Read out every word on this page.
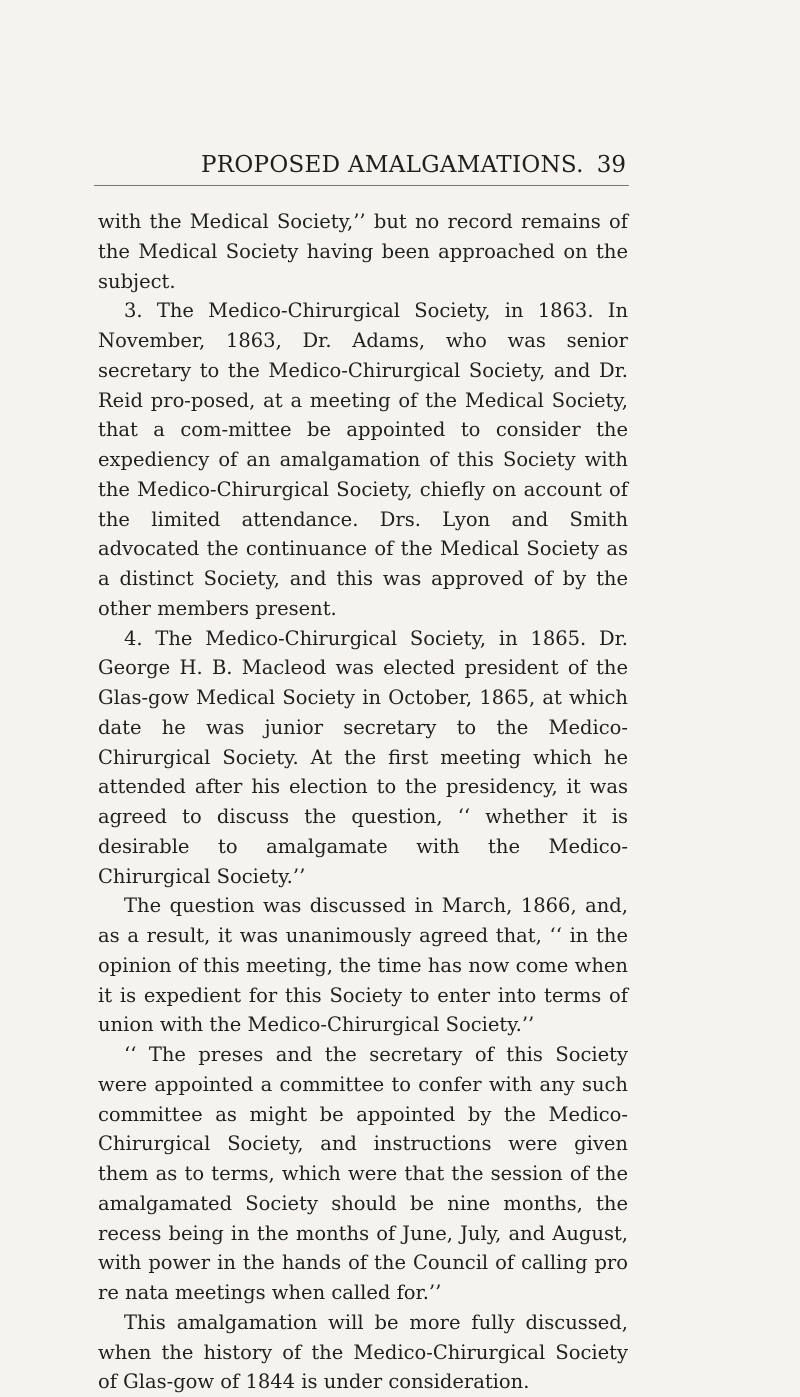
PROPOSED AMALGAMATIONS. 39

with the Medical Society,’’ but no record remains of the Medical Society having been approached on the subject.

3. The Medico-Chirurgical Society, in 1863. In November, 1863, Dr. Adams, who was senior secretary to the Medico-Chirurgical Society, and Dr. Reid pro-posed, at a meeting of the Medical Society, that a com-mittee be appointed to consider the expediency of an amalgamation of this Society with the Medico-Chirurgical Society, chiefly on account of the limited attendance. Drs. Lyon and Smith advocated the continuance of the Medical Society as a distinct Society, and this was approved of by the other members present.

4. The Medico-Chirurgical Society, in 1865. Dr. George H. B. Macleod was elected president of the Glas-gow Medical Society in October, 1865, at which date he was junior secretary to the Medico-Chirurgical Society. At the first meeting which he attended after his election to the presidency, it was agreed to discuss the question, ‘‘ whether it is desirable to amalgamate with the Medico-Chirurgical Society.’’

The question was discussed in March, 1866, and, as a result, it was unanimously agreed that, ‘‘ in the opinion of this meeting, the time has now come when it is expedient for this Society to enter into terms of union with the Medico-Chirurgical Society.’’

‘‘ The preses and the secretary of this Society were appointed a committee to confer with any such committee as might be appointed by the Medico-Chirurgical Society, and instructions were given them as to terms, which were that the session of the amalgamated Society should be nine months, the recess being in the months of June, July, and August, with power in the hands of the Council of calling pro re nata meetings when called for.’’

This amalgamation will be more fully discussed, when the history of the Medico-Chirurgical Society of Glas-gow of 1844 is under consideration.
